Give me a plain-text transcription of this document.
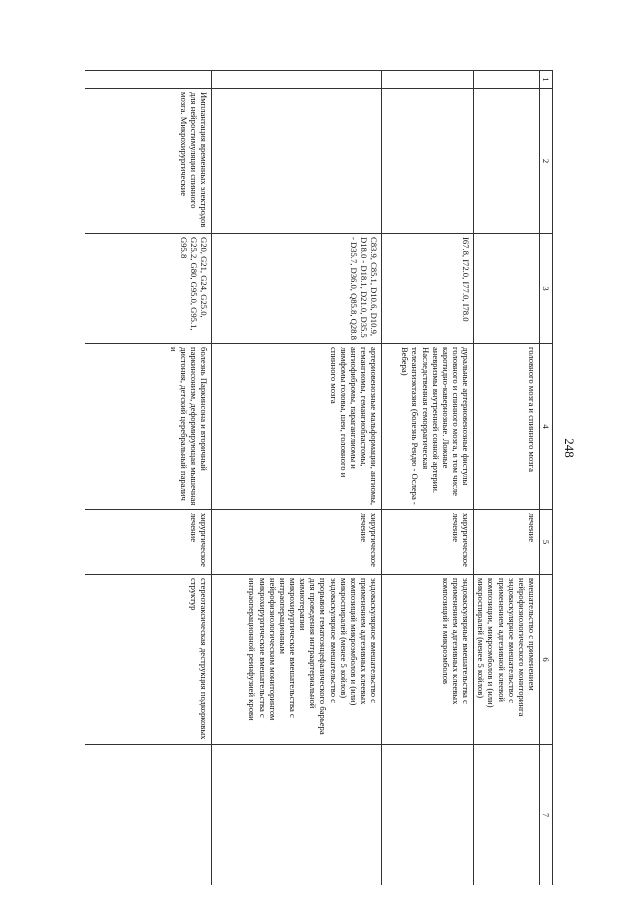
248
1	2	3	4	5	6	7

			головного мозга и спинного мозга	лечение	вмешательство с применением нейрофизиологического мониторинга
эндоваскулярное вмешательство с применением адгезивной клеевой композиции, микроэмболов и (или) микроспиралей (менее 5 койлов)	

		I67.8, I72.0, I77.0, I78.0	дуральные артериовенозные фистулы головного и спинного мозга, в том числе каротидно-кавернозные. Ложные аневризмы внутренней сонной артерии. Наследственная геморрагическая телеангиэктазия (болезнь Рендю - Ослера - Вебера)	хирургическое лечение	эндоваскулярные вмешательства с применением адгезивных клеевых композиций и микроэмболов	

		C83.9, C85.1, D10.6, D10.9, D18.0 - D18.1, D21.0, D35.5 - D35.7, D36.0, Q85.8, Q28.8	артериовенозные мальформации, ангиомы, гемангиомы, гемангиобластомы, ангиофибромы, параганглиомы и лимфомы головы, шеи, головного и спинного мозга	хирургическое лечение	эндоваскулярное вмешательство с применением адгезивных клеевых композиций микроэмболов и (или) микроспиралей (менее 5 койлов)
эндоваскулярное вмешательство с прорывом гематоэнцефалического барьера для проведения интраартериальной химиотерапии
микрохирургические вмешательства с интраоперационным нейрофизиологическим мониторингом
микрохирургические вмешательства с интраоперационной реинфузией крови	

	Имплантация временных электродов для нейростимуляции спинного мозга. Микрохирургические	G20, G21, G24, G25.0, G25.2, G80, G95.0, G95.1, G95.8	болезнь Паркинсона и вторичный паркинсонизм, деформирующая мышечная дистония, детский церебральный паралич и	хирургическое лечение	стереотаксическая деструкция подкорковых структур	
